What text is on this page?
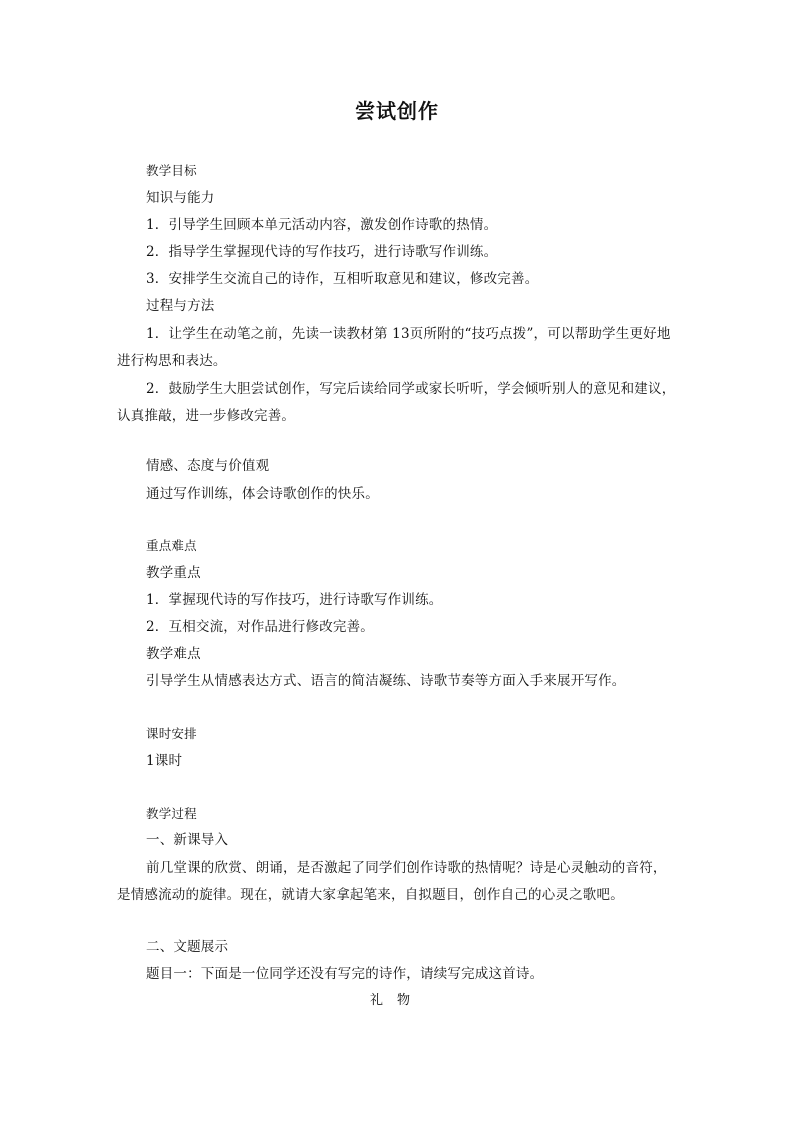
尝试创作
教学目标
知识与能力
1．引导学生回顾本单元活动内容，激发创作诗歌的热情。
2．指导学生掌握现代诗的写作技巧，进行诗歌写作训练。
3．安排学生交流自己的诗作，互相听取意见和建议，修改完善。
过程与方法
1．让学生在动笔之前，先读一读教材第 13页所附的“技巧点拨”，可以帮助学生更好地
进行构思和表达。
2．鼓励学生大胆尝试创作，写完后读给同学或家长听听，学会倾听别人的意见和建议，
认真推敲，进一步修改完善。
情感、态度与价值观
通过写作训练，体会诗歌创作的快乐。
重点难点
教学重点
1．掌握现代诗的写作技巧，进行诗歌写作训练。
2．互相交流，对作品进行修改完善。
教学难点
引导学生从情感表达方式、语言的简洁凝练、诗歌节奏等方面入手来展开写作。
课时安排
1课时
教学过程
一、新课导入
前几堂课的欣赏、朗诵，是否激起了同学们创作诗歌的热情呢？诗是心灵触动的音符，
是情感流动的旋律。现在，就请大家拿起笔来，自拟题目，创作自己的心灵之歌吧。
二、文题展示
题目一：下面是一位同学还没有写完的诗作，请续写完成这首诗。
礼物
